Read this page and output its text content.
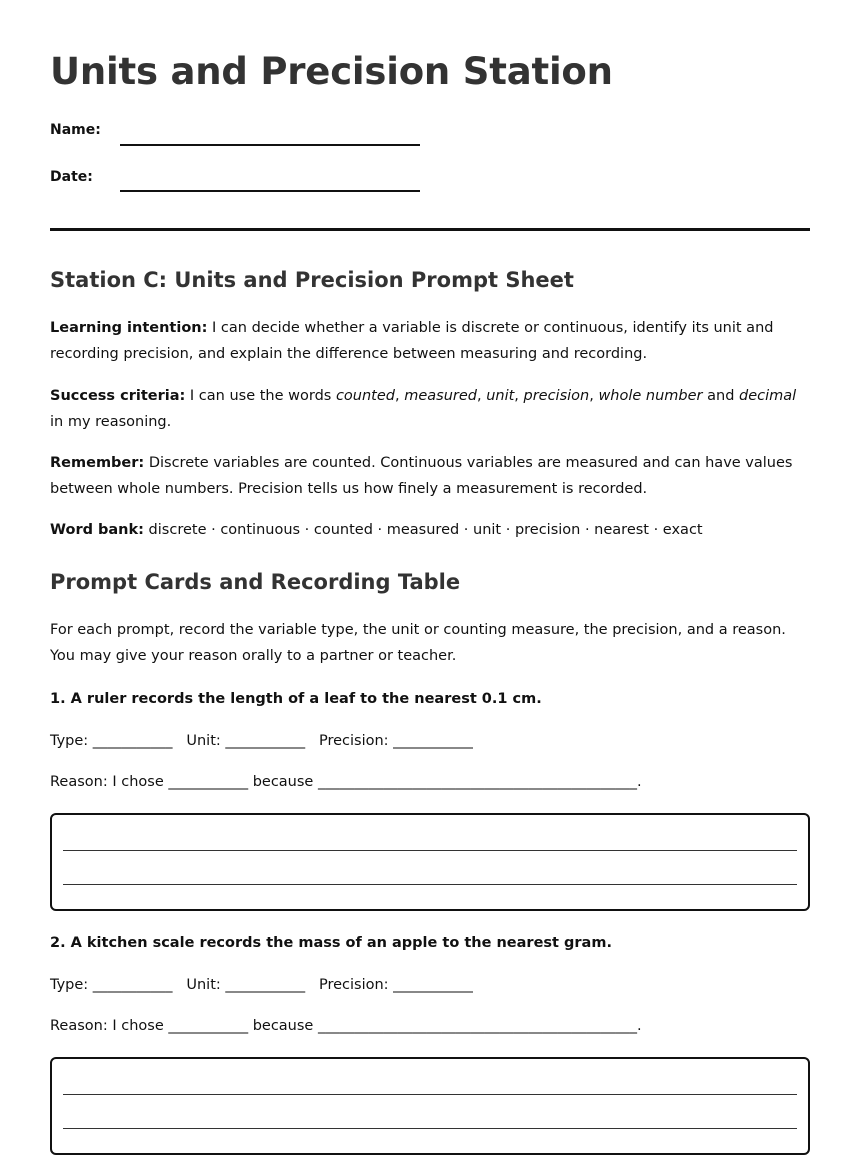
Units and Precision Station
Name:
Date:
Station C: Units and Precision Prompt Sheet
Learning intention: I can decide whether a variable is discrete or continuous, identify its unit and recording precision, and explain the difference between measuring and recording.
Success criteria: I can use the words counted, measured, unit, precision, whole number and decimal in my reasoning.
Remember: Discrete variables are counted. Continuous variables are measured and can have values between whole numbers. Precision tells us how finely a measurement is recorded.
Word bank: discrete · continuous · counted · measured · unit · precision · nearest · exact
Prompt Cards and Recording Table
For each prompt, record the variable type, the unit or counting measure, the precision, and a reason. You may give your reason orally to a partner or teacher.
1. A ruler records the length of a leaf to the nearest 0.1 cm.
Type: ___________   Unit: ___________   Precision: ___________
Reason: I chose ___________ because ____________________________________________.
2. A kitchen scale records the mass of an apple to the nearest gram.
Type: ___________   Unit: ___________   Precision: ___________
Reason: I chose ___________ because ____________________________________________.
